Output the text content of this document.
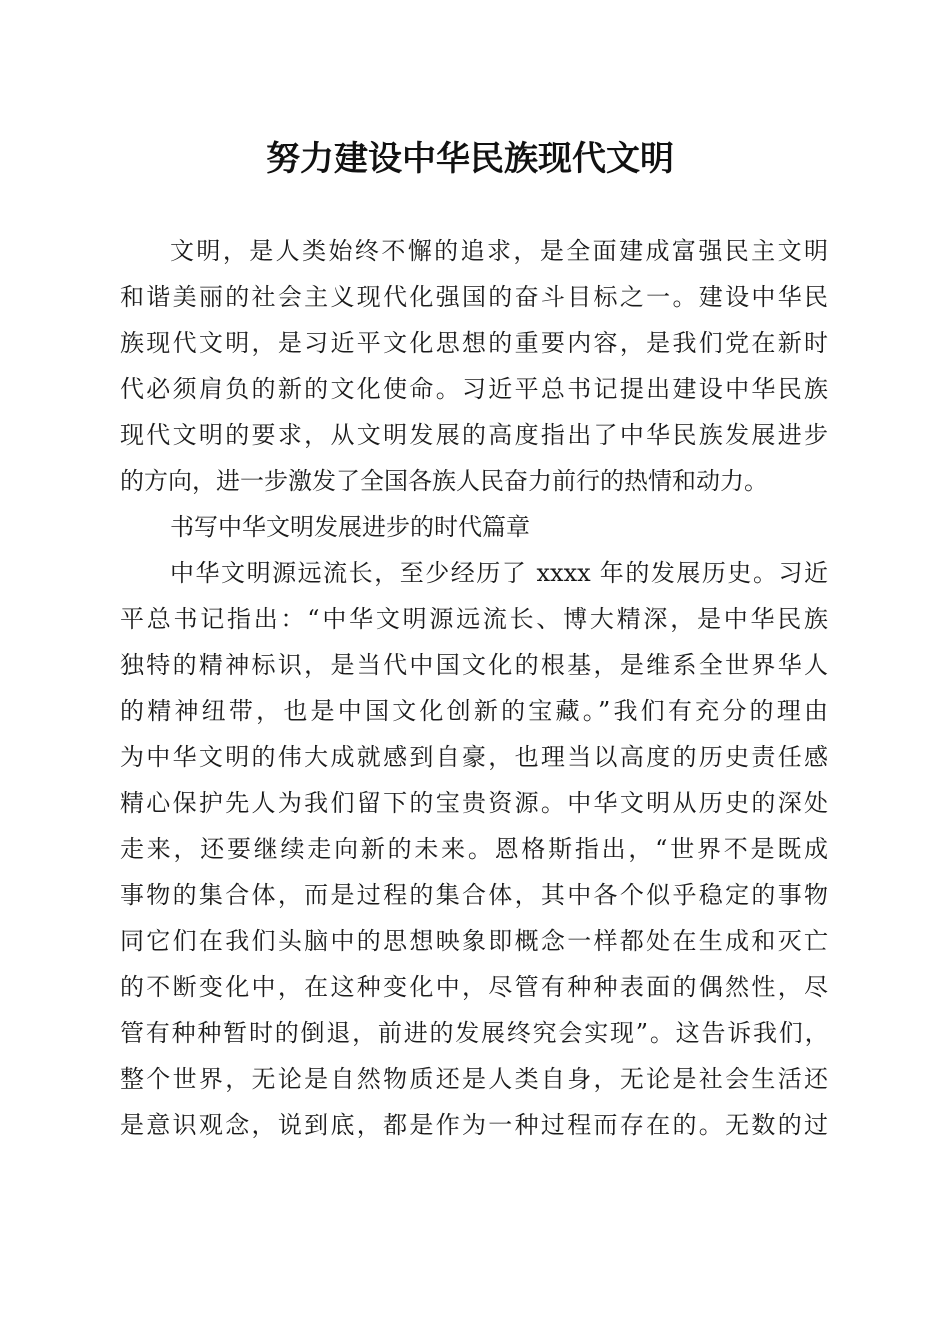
努力建设中华民族现代文明
文明，是人类始终不懈的追求，是全面建成富强民主文明
和谐美丽的社会主义现代化强国的奋斗目标之一。建设中华民
族现代文明，是习近平文化思想的重要内容，是我们党在新时
代必须肩负的新的文化使命。习近平总书记提出建设中华民族
现代文明的要求，从文明发展的高度指出了中华民族发展进步
的方向，进一步激发了全国各族人民奋力前行的热情和动力。
书写中华文明发展进步的时代篇章
中华文明源远流长，至少经历了 xxxx 年的发展历史。习近
平总书记指出：“中华文明源远流长、博大精深，是中华民族
独特的精神标识，是当代中国文化的根基，是维系全世界华人
的精神纽带，也是中国文化创新的宝藏。”我们有充分的理由
为中华文明的伟大成就感到自豪，也理当以高度的历史责任感
精心保护先人为我们留下的宝贵资源。中华文明从历史的深处
走来，还要继续走向新的未来。恩格斯指出，“世界不是既成
事物的集合体，而是过程的集合体，其中各个似乎稳定的事物
同它们在我们头脑中的思想映象即概念一样都处在生成和灭亡
的不断变化中，在这种变化中，尽管有种种表面的偶然性，尽
管有种种暂时的倒退，前进的发展终究会实现”。这告诉我们，
整个世界，无论是自然物质还是人类自身，无论是社会生活还
是意识观念，说到底，都是作为一种过程而存在的。无数的过
